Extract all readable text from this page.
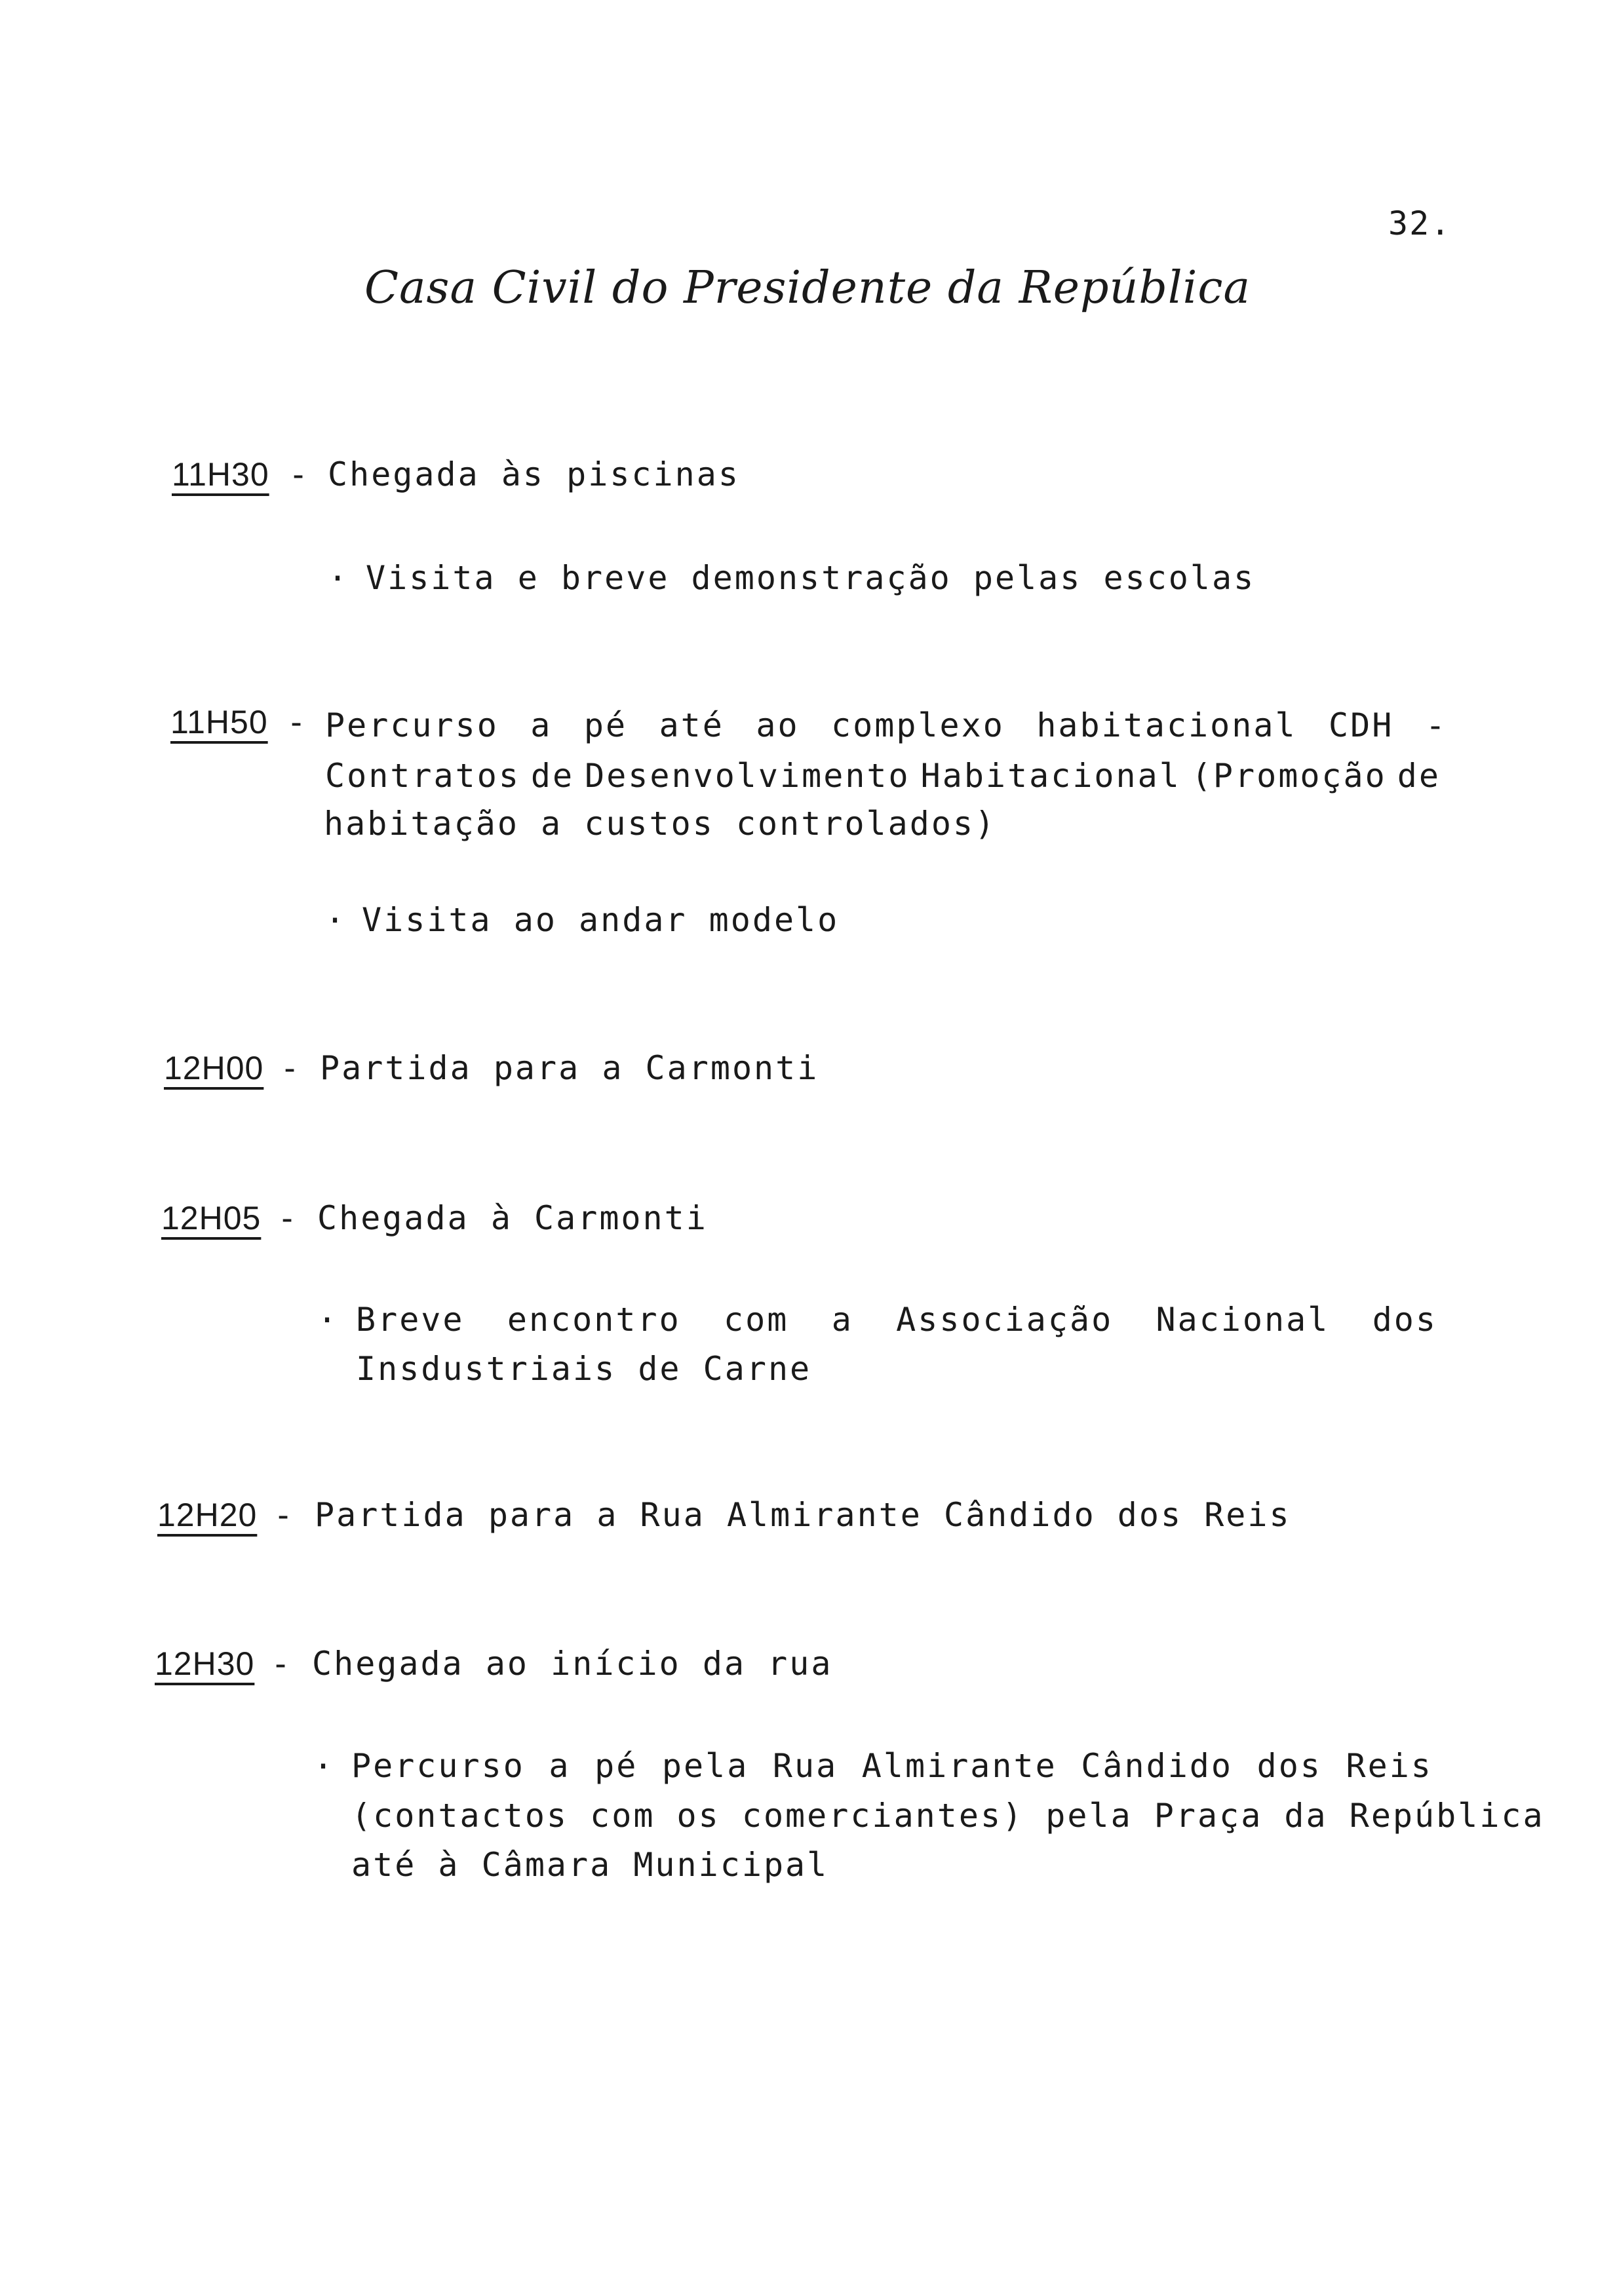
32.
Casa Civil do Presidente da República
11H30 - Chegada às piscinas
. Visita e breve demonstração pelas escolas
11H50 - Percurso a pé até ao complexo habitacional CDH -
Contratos de Desenvolvimento Habitacional (Promoção de
habitação a custos controlados)
. Visita ao andar modelo
12H00 - Partida para a Carmonti
12H05 - Chegada à Carmonti
. Breve encontro com a Associação Nacional dos
Insdustriais de Carne
12H20 - Partida para a Rua Almirante Cândido dos Reis
12H30 - Chegada ao início da rua
. Percurso a pé pela Rua Almirante Cândido dos Reis
(contactos com os comerciantes) pela Praça da República
até à Câmara Municipal
